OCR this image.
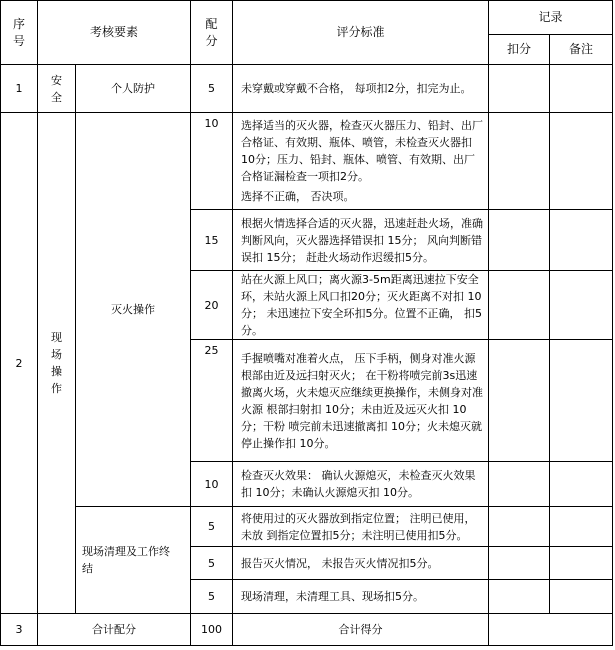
序号	考核要素		配分	评分标准	记录	
					扣分	备注
1	安全	个人防护	5	未穿戴或穿戴不合格， 每项扣2分，扣完为止。		
2	现场操作	灭火操作	10	选择适当的灭火器，检查灭火器压力、铅封、出厂合格证、有效期、瓶体、喷管，未检查灭火器扣 10分；压力、铅封、瓶体、喷管、有效期、出厂合格证漏检查一项扣2分。

选择不正确， 否决项。		

			15	根据火情选择合适的灭火器，迅速赶赴火场，准确判断风向，灭火器选择错误扣 15分； 风向判断错误扣 15分； 赶赴火场动作迟缓扣5分。		
			20	站在火源上风口；离火源3-5m距离迅速拉下安全环，未站火源上风口扣20分；灭火距离不对扣 10分； 未迅速拉下安全环扣5分。位置不正确， 扣5分。		
			25	手握喷嘴对准着火点， 压下手柄，侧身对准火源根部由近及远扫射灭火； 在干粉将喷完前3s迅速撤离火场，火未熄灭应继续更换操作，未侧身对准火源 根部扫射扣 10分；未由近及远灭火扣 10分；干粉 喷完前未迅速撤离扣 10分；火未熄灭就停止操作扣 10分。		
			10	检查灭火效果： 确认火源熄灭，未检查灭火效果扣 10分；未确认火源熄灭扣 10分。		
		现场清理及工作终结	5	将使用过的灭火器放到指定位置； 注明已使用，未放 到指定位置扣5分；未注明已使用扣5分。		
			5	报告灭火情况， 未报告灭火情况扣5分。		
			5	现场清理，未清理工具、现场扣5分。		
3	合计配分		100	合计得分		
